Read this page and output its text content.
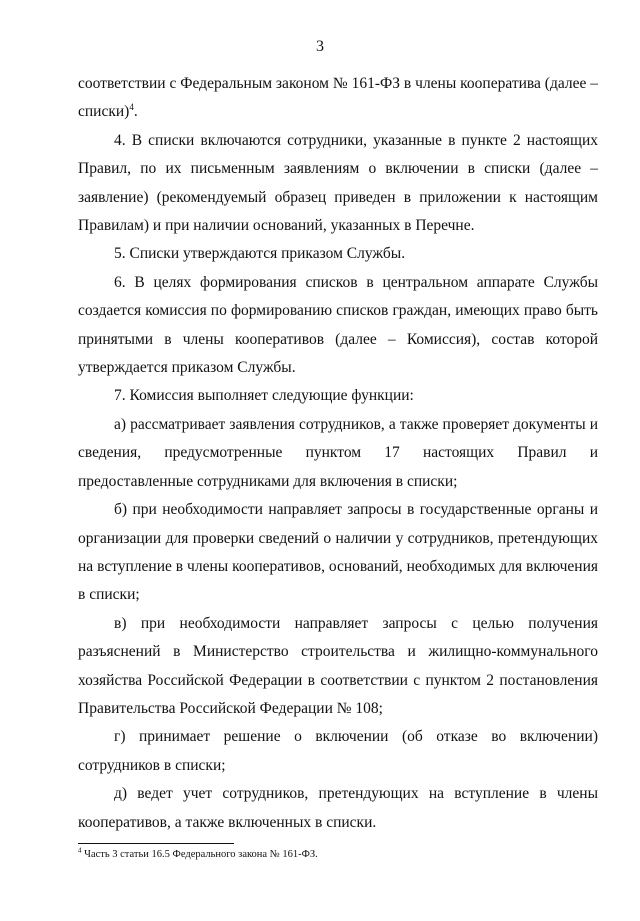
3

соответствии с Федеральным законом № 161-ФЗ в члены кооператива (далее – списки)$^4$.

4. В списки включаются сотрудники, указанные в пункте 2 настоящих Правил, по их письменным заявлениям о включении в списки (далее – заявление) (рекомендуемый образец приведен в приложении к настоящим Правилам) и при наличии оснований, указанных в Перечне.

5. Списки утверждаются приказом Службы.

6. В целях формирования списков в центральном аппарате Службы создается комиссия по формированию списков граждан, имеющих право быть принятыми в члены кооперативов (далее – Комиссия), состав которой утверждается приказом Службы.

7. Комиссия выполняет следующие функции:

а) рассматривает заявления сотрудников, а также проверяет документы и сведения, предусмотренные пунктом 17 настоящих Правил и предоставленные сотрудниками для включения в списки;

б) при необходимости направляет запросы в государственные органы и организации для проверки сведений о наличии у сотрудников, претендующих на вступление в члены кооперативов, оснований, необходимых для включения в списки;

в) при необходимости направляет запросы с целью получения разъяснений в Министерство строительства и жилищно-коммунального хозяйства Российской Федерации в соответствии с пунктом 2 постановления Правительства Российской Федерации № 108;

г) принимает решение о включении (об отказе во включении) сотрудников в списки;

д) ведет учет сотрудников, претендующих на вступление в члены кооперативов, а также включенных в списки.

$^4$ Часть 3 статьи 16.5 Федерального закона № 161-ФЗ.
